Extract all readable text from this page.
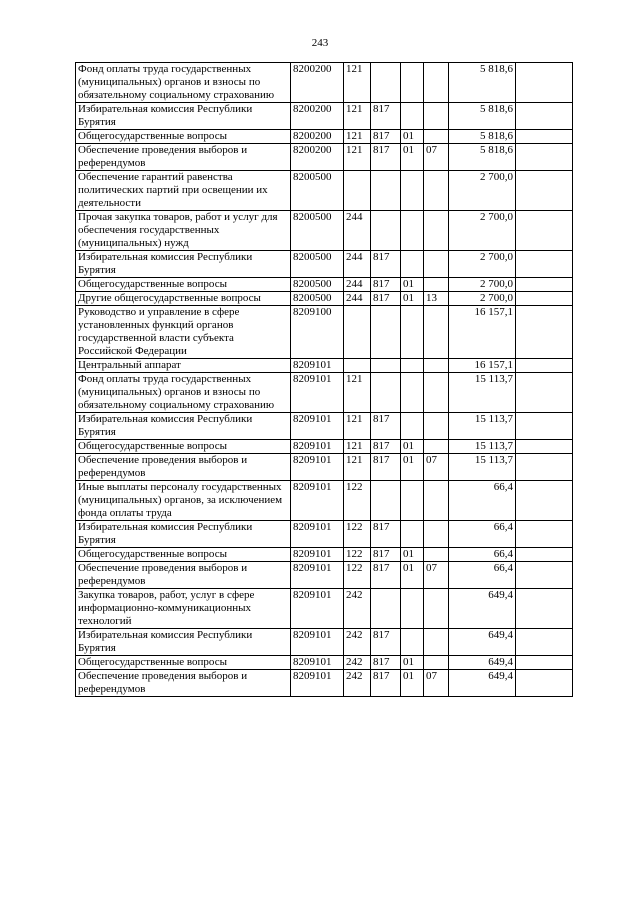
243
Фонд оплаты труда государственных (муниципальных) органов и взносы по обязательному социальному страхованию	8200200	121				5 818,6	
Избирательная комиссия Республики Бурятия	8200200	121	817			5 818,6	
Общегосударственные вопросы	8200200	121	817	01		5 818,6	
Обеспечение проведения выборов и референдумов	8200200	121	817	01	07	5 818,6	
Обеспечение гарантий равенства политических партий при освещении их деятельности	8200500					2 700,0	
Прочая закупка товаров, работ и услуг для обеспечения государственных (муниципальных) нужд	8200500	244				2 700,0	
Избирательная комиссия Республики Бурятия	8200500	244	817			2 700,0	
Общегосударственные вопросы	8200500	244	817	01		2 700,0	
Другие общегосударственные вопросы	8200500	244	817	01	13	2 700,0	
Руководство и управление в сфере установленных функций органов государственной власти субъекта Российской Федерации	8209100					16 157,1	
Центральный аппарат	8209101					16 157,1	
Фонд оплаты труда государственных (муниципальных) органов и взносы по обязательному социальному страхованию	8209101	121				15 113,7	
Избирательная комиссия Республики Бурятия	8209101	121	817			15 113,7	
Общегосударственные вопросы	8209101	121	817	01		15 113,7	
Обеспечение проведения выборов и референдумов	8209101	121	817	01	07	15 113,7	
Иные выплаты персоналу государственных (муниципальных) органов, за исключением фонда оплаты труда	8209101	122				66,4	
Избирательная комиссия Республики Бурятия	8209101	122	817			66,4	
Общегосударственные вопросы	8209101	122	817	01		66,4	
Обеспечение проведения выборов и референдумов	8209101	122	817	01	07	66,4	
Закупка товаров, работ, услуг в сфере информационно-коммуникационных технологий	8209101	242				649,4	
Избирательная комиссия Республики Бурятия	8209101	242	817			649,4	
Общегосударственные вопросы	8209101	242	817	01		649,4	
Обеспечение проведения выборов и референдумов	8209101	242	817	01	07	649,4	
